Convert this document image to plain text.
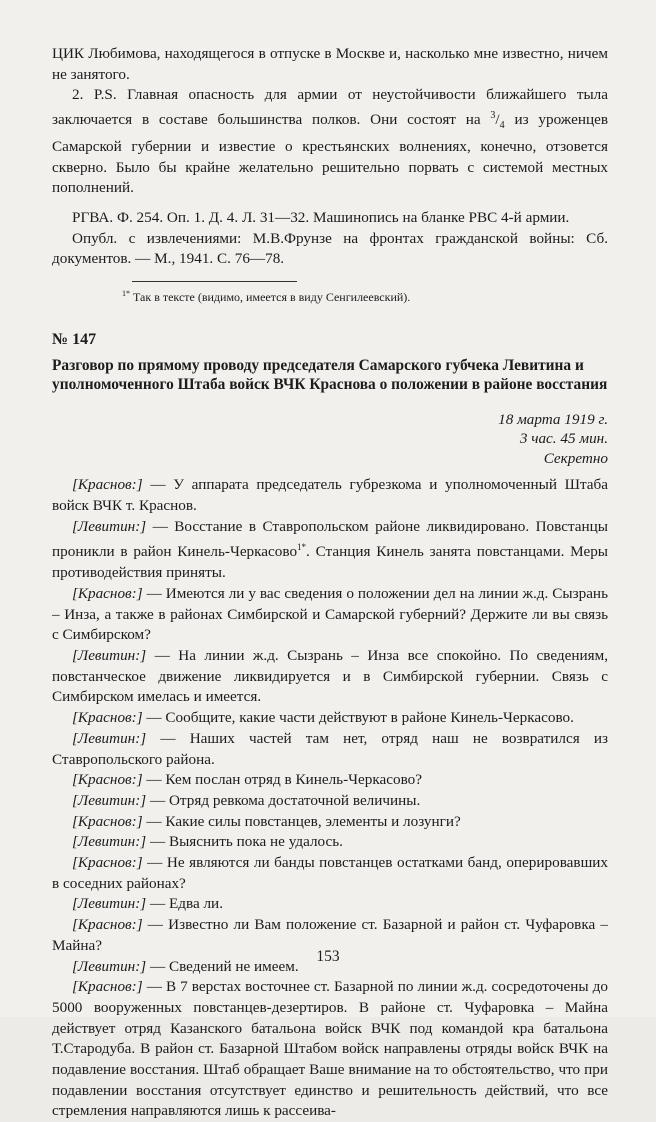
ЦИК Любимова, находящегося в отпуске в Москве и, насколько мне известно, ничем не занятого.

2. P.S. Главная опасность для армии от неустойчивости ближайшего тыла заключается в составе большинства полков. Они состоят на $^3/_4$ из уроженцев Самарской губернии и известие о крестьянских волнениях, конечно, отзовется скверно. Было бы крайне желательно решительно порвать с системой местных пополнений.

РГВА. Ф. 254. Оп. 1. Д. 4. Л. 31—32. Машинопись на бланке РВС 4-й армии.

Опубл. с извлечениями: М.В.Фрунзе на фронтах гражданской войны: Сб. документов. — М., 1941. С. 76—78.

$^{1*}$ Так в тексте (видимо, имеется в виду Сенгилеевский).

№ 147

Разговор по прямому проводу председателя Самарского губчека Левитина и уполномоченного Штаба войск ВЧК Краснова о положении в районе восстания

18 марта 1919 г.
3 час. 45 мин.
Секретно

[Краснов:] — У аппарата председатель губрезкома и уполномоченный Штаба войск ВЧК т. Краснов.

[Левитин:] — Восстание в Ставропольском районе ликвидировано. Повстанцы проникли в район Кинель-Черкасово$^{1*}$. Станция Кинель занята повстанцами. Меры противодействия приняты.

[Краснов:] — Имеются ли у вас сведения о положении дел на линии ж.д. Сызрань – Инза, а также в районах Симбирской и Самарской губерний? Держите ли вы связь с Симбирском?

[Левитин:] — На линии ж.д. Сызрань – Инза все спокойно. По сведениям, повстанческое движение ликвидируется и в Симбирской губернии. Связь с Симбирском имелась и имеется.

[Краснов:] — Сообщите, какие части действуют в районе Кинель-Черкасово.

[Левитин:] — Наших частей там нет, отряд наш не возвратился из Ставропольского района.

[Краснов:] — Кем послан отряд в Кинель-Черкасово?

[Левитин:] — Отряд ревкома достаточной величины.

[Краснов:] — Какие силы повстанцев, элементы и лозунги?

[Левитин:] — Выяснить пока не удалось.

[Краснов:] — Не являются ли банды повстанцев остатками банд, оперировавших в соседних районах?

[Левитин:] — Едва ли.

[Краснов:] — Известно ли Вам положение ст. Базарной и район ст. Чуфаровка – Майна?

[Левитин:] — Сведений не имеем.

[Краснов:] — В 7 верстах восточнее ст. Базарной по линии ж.д. сосредоточены до 5000 вооруженных повстанцев-дезертиров. В районе ст. Чуфаровка – Майна действует отряд Казанского батальона войск ВЧК под командой кра батальона Т.Стародуба. В район ст. Базарной Штабом войск направлены отряды войск ВЧК на подавление восстания. Штаб обращает Ваше внимание на то обстоятельство, что при подавлении восстания отсутствует единство и решительность действий, что все стремления направляются лишь к рассеива-

153
